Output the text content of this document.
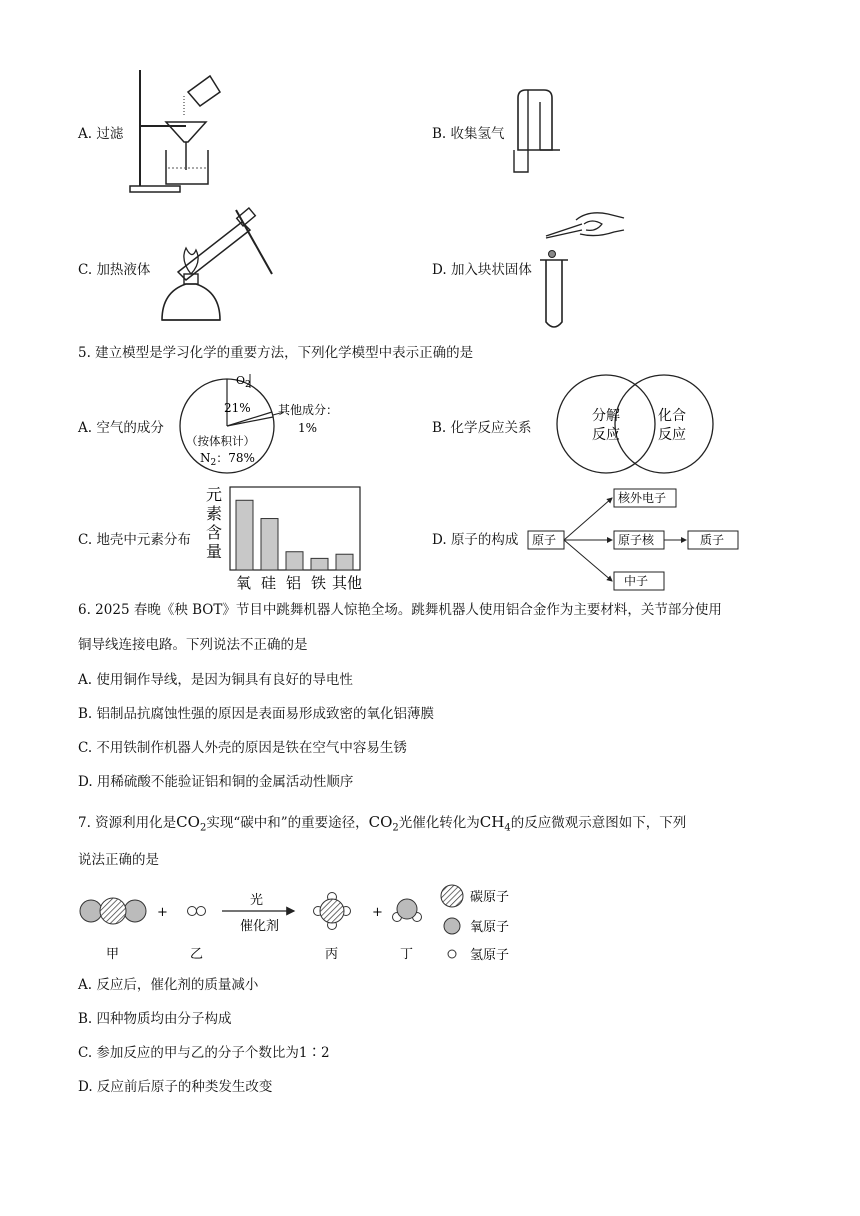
A. 过滤	B. 收集氢气
C. 加热液体	D. 加入块状固体
5. 建立模型是学习化学的重要方法，下列化学模型中表示正确的是
A. 空气的成分
$O_2$
21% 其他成分：
1%
（按体积计）
$N_2$：78%
B. 化学反应关系
分解
反应
化合
反应
C. 地壳中元素分布
元
素
含
量
氧 硅 铝 铁 其他
D. 原子的构成 原子
核外电子
原子核	质子
中子
6. 2025 春晚《秧 BOT》节目中跳舞机器人惊艳全场。跳舞机器人使用铝合金作为主要材料，关节部分使用
铜导线连接电路。下列说法不正确的是
A. 使用铜作导线，是因为铜具有良好的导电性
B. 铝制品抗腐蚀性强的原因是表面易形成致密的氧化铝薄膜
C. 不用铁制作机器人外壳的原因是铁在空气中容易生锈
D. 用稀硫酸不能验证铝和铜的金属活动性顺序
7. 资源利用化是$CO_2$实现“碳中和”的重要途径，$CO_2$光催化转化为$CH_4$的反应微观示意图如下，下列
说法正确的是
+
光
催化剂
+
甲	乙	丙	丁
碳原子
氧原子
氢原子
A. 反应后，催化剂的质量减小
B. 四种物质均由分子构成
C. 参加反应的甲与乙的分子个数比为1∶2
D. 反应前后原子的种类发生改变
